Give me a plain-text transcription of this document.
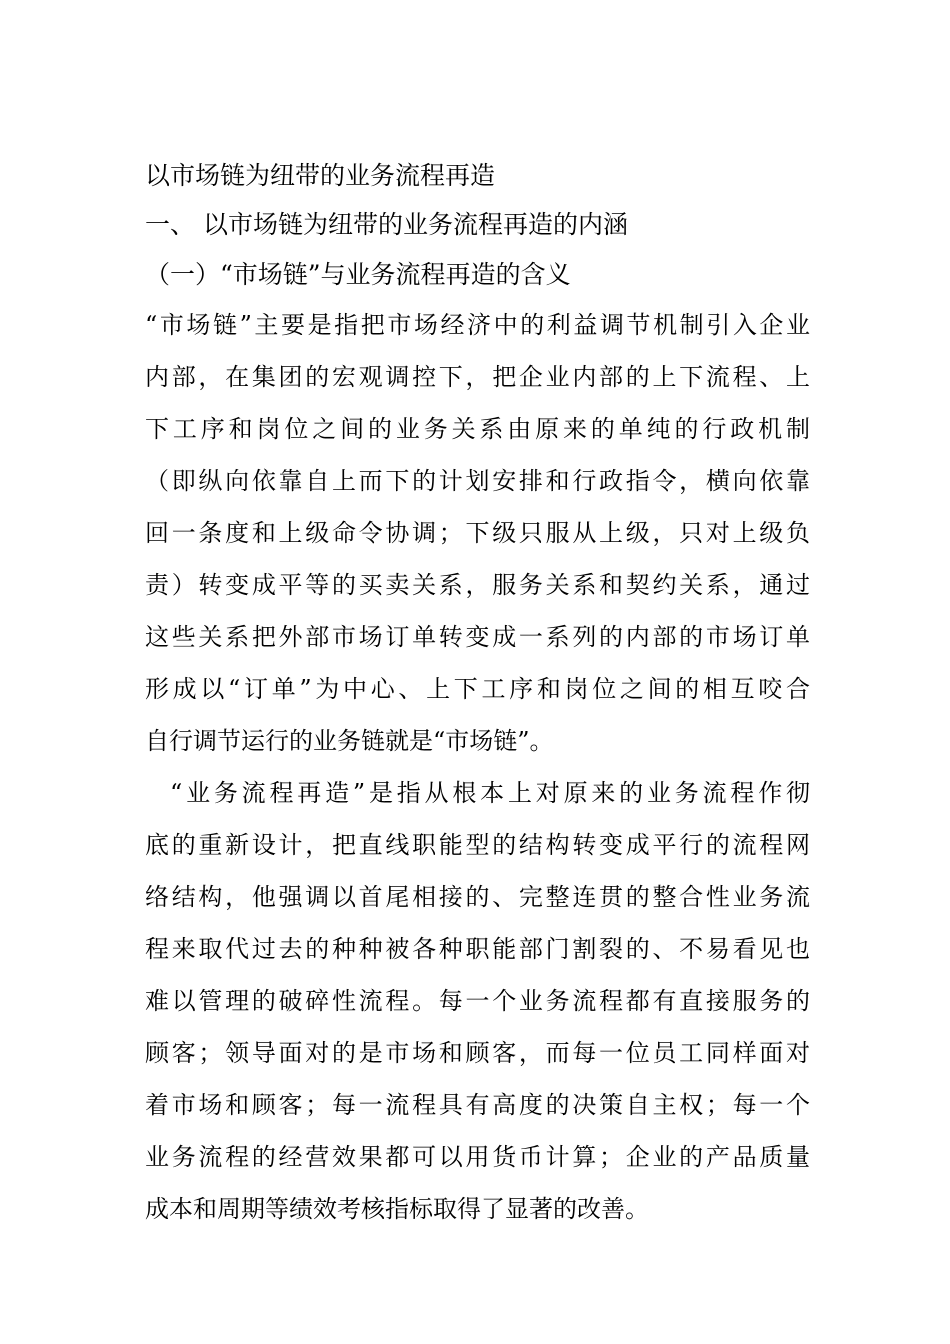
以市场链为纽带的业务流程再造
一、 以市场链为纽带的业务流程再造的内涵
（一）“市场链”与业务流程再造的含义
“市场链”主要是指把市场经济中的利益调节机制引入企业
内部，在集团的宏观调控下，把企业内部的上下流程、上
下工序和岗位之间的业务关系由原来的单纯的行政机制
（即纵向依靠自上而下的计划安排和行政指令，横向依靠
回一条度和上级命令协调；下级只服从上级，只对上级负
责）转变成平等的买卖关系，服务关系和契约关系，通过
这些关系把外部市场订单转变成一系列的内部的市场订单
形成以“订单”为中心、上下工序和岗位之间的相互咬合
自行调节运行的业务链就是“市场链”。
“业务流程再造”是指从根本上对原来的业务流程作彻
底的重新设计，把直线职能型的结构转变成平行的流程网
络结构，他强调以首尾相接的、完整连贯的整合性业务流
程来取代过去的种种被各种职能部门割裂的、不易看见也
难以管理的破碎性流程。每一个业务流程都有直接服务的
顾客；领导面对的是市场和顾客，而每一位员工同样面对
着市场和顾客；每一流程具有高度的决策自主权；每一个
业务流程的经营效果都可以用货币计算；企业的产品质量
成本和周期等绩效考核指标取得了显著的改善。
